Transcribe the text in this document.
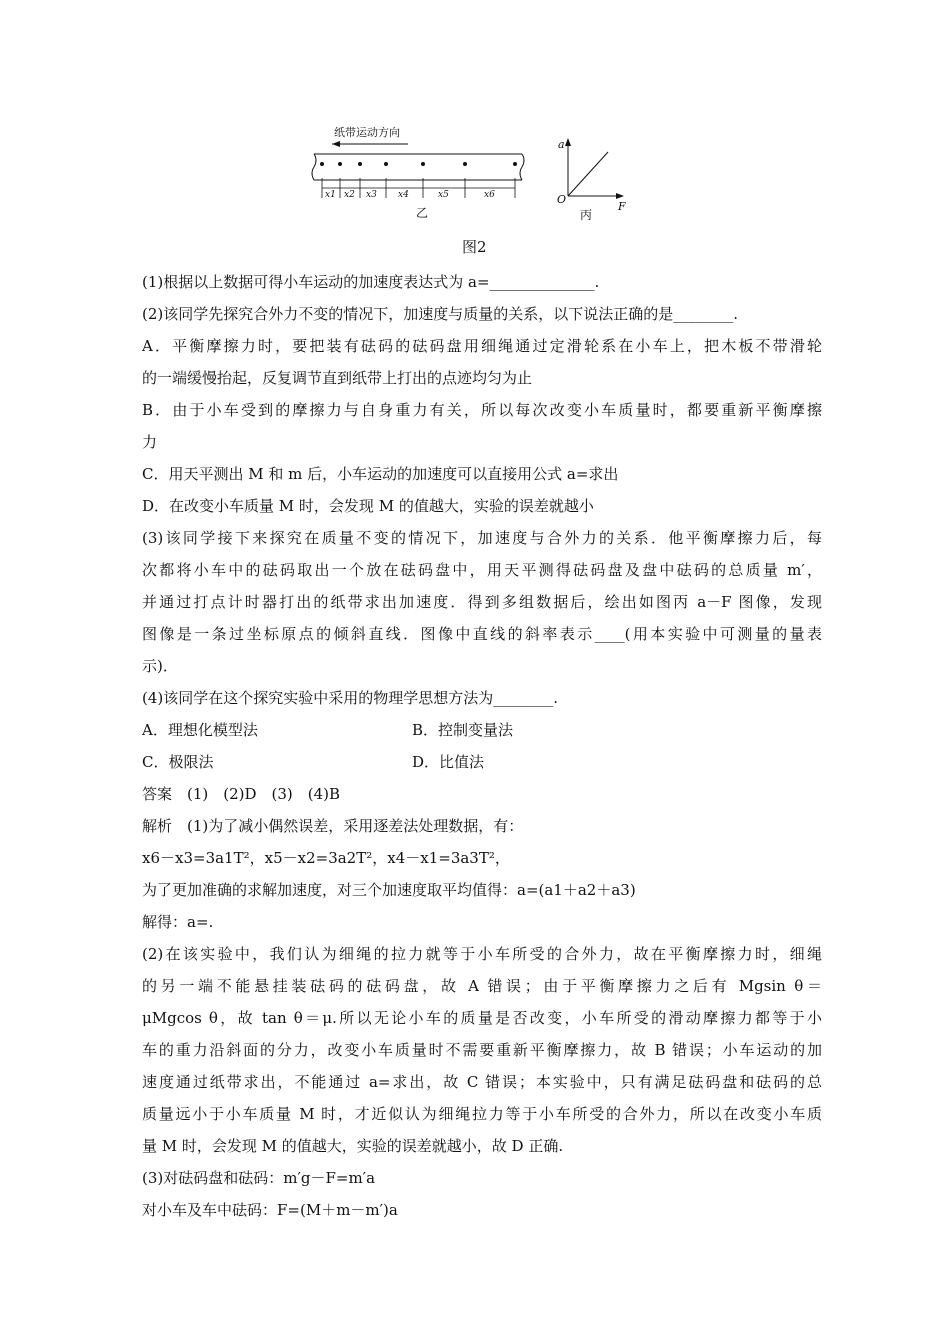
纸带运动方向
x1 x2 x3 x4	x5	x6
乙	丙
a
F
O
图2
(1)根据以上数据可得小车运动的加速度表达式为 a=______________.
(2)该同学先探究合外力不变的情况下，加速度与质量的关系，以下说法正确的是________.
A．平衡摩擦力时，要把装有砝码的砝码盘用细绳通过定滑轮系在小车上，把木板不带滑轮
的一端缓慢抬起，反复调节直到纸带上打出的点迹均匀为止
B．由于小车受到的摩擦力与自身重力有关，所以每次改变小车质量时，都要重新平衡摩擦
力
C．用天平测出 M 和 m 后，小车运动的加速度可以直接用公式 a=求出
D．在改变小车质量 M 时，会发现 M 的值越大，实验的误差就越小
(3)该同学接下来探究在质量不变的情况下，加速度与合外力的关系．他平衡摩擦力后，每
次都将小车中的砝码取出一个放在砝码盘中，用天平测得砝码盘及盘中砝码的总质量 m′，
并通过打点计时器打出的纸带求出加速度．得到多组数据后，绘出如图丙 a－F 图像，发现
图像是一条过坐标原点的倾斜直线．图像中直线的斜率表示____(用本实验中可测量的量表
示)．
(4)该同学在这个探究实验中采用的物理学思想方法为________.
A．理想化模型法	B．控制变量法
C．极限法	D．比值法
答案　(1)　(2)D　(3)　(4)B
解析　(1)为了减小偶然误差，采用逐差法处理数据，有：
x6－x3=3a1T²，x5－x2=3a2T²，x4－x1=3a3T²，
为了更加准确的求解加速度，对三个加速度取平均值得：a=(a1＋a2＋a3)
解得：a=.
(2)在该实验中，我们认为细绳的拉力就等于小车所受的合外力，故在平衡摩擦力时，细绳
的另一端不能悬挂装砝码的砝码盘，故 A 错误；由于平衡摩擦力之后有 Mgsin θ＝
μMgcos θ，故 tan θ＝μ.所以无论小车的质量是否改变，小车所受的滑动摩擦力都等于小
车的重力沿斜面的分力，改变小车质量时不需要重新平衡摩擦力，故 B 错误；小车运动的加
速度通过纸带求出，不能通过 a=求出，故 C 错误；本实验中，只有满足砝码盘和砝码的总
质量远小于小车质量 M 时，才近似认为细绳拉力等于小车所受的合外力，所以在改变小车质
量 M 时，会发现 M 的值越大，实验的误差就越小，故 D 正确.
(3)对砝码盘和砝码：m′g－F=m′a
对小车及车中砝码：F=(M＋m－m′)a
